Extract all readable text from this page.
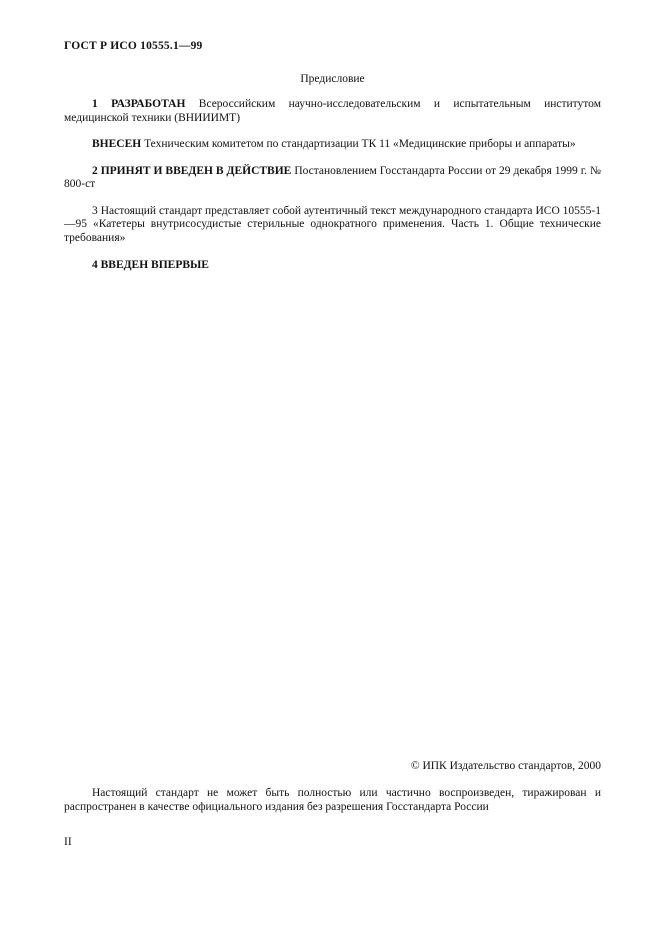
ГОСТ Р ИСО 10555.1—99
Предисловие

1 РАЗРАБОТАН Всероссийским научно-исследовательским и испытательным институтом медицинской техники (ВНИИИМТ)

ВНЕСЕН Техническим комитетом по стандартизации ТК 11 «Медицинские приборы и аппараты»

2 ПРИНЯТ И ВВЕДЕН В ДЕЙСТВИЕ Постановлением Госстандарта России от 29 декабря 1999 г. № 800-ст

3 Настоящий стандарт представляет собой аутентичный текст международного стандарта ИСО 10555-1—95 «Катетеры внутрисосудистые стерильные однократного применения. Часть 1. Общие технические требования»

4 ВВЕДЕН ВПЕРВЫЕ

© ИПК Издательство стандартов, 2000

Настоящий стандарт не может быть полностью или частично воспроизведен, тиражирован и распространен в качестве официального издания без разрешения Госстандарта России

II
